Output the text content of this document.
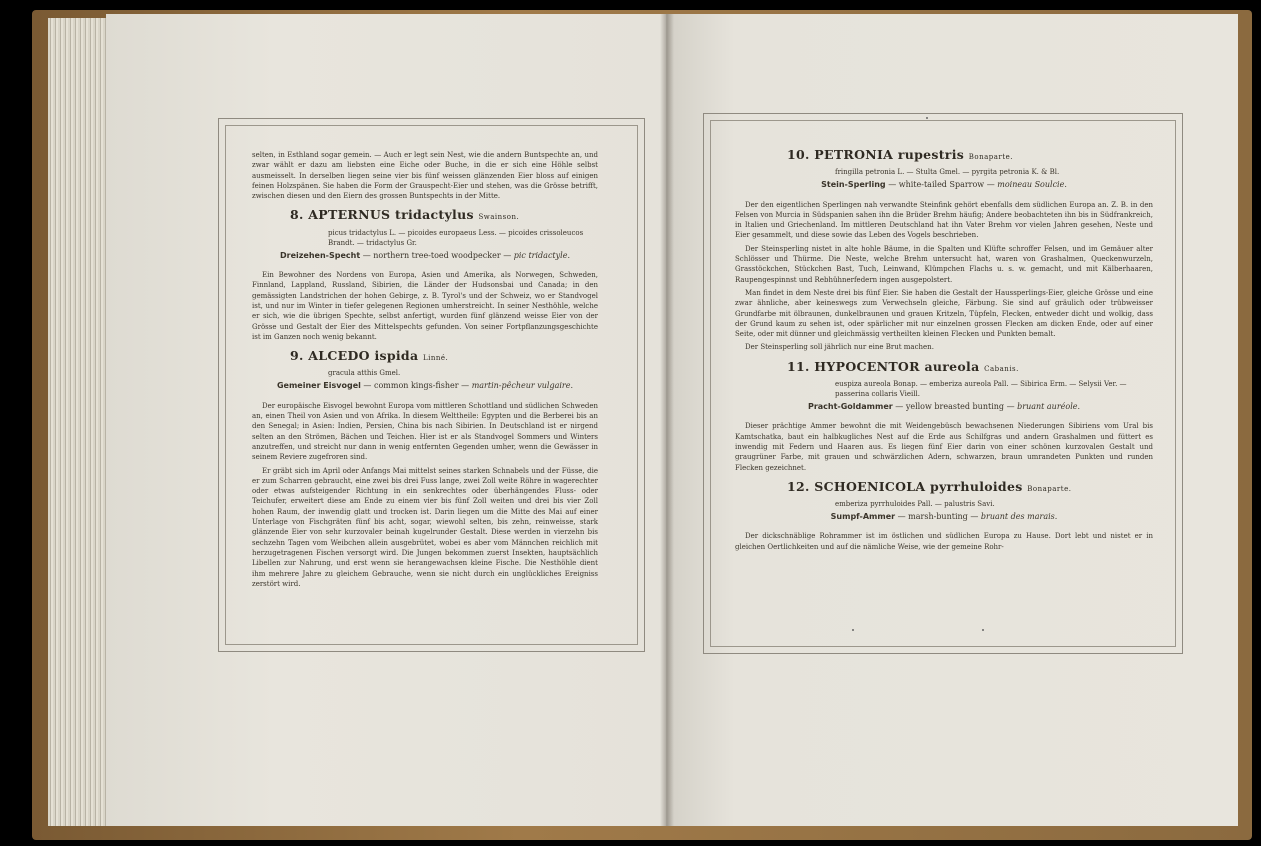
selten, in Esthland sogar gemein. — Auch er legt sein Nest, wie die andern Buntspechte an, und zwar wählt er dazu am liebsten eine Eiche oder Buche, in die er sich eine Höhle selbst ausmeisselt. In derselben liegen seine vier bis fünf weissen glänzenden Eier bloss auf einigen feinen Holzspänen. Sie haben die Form der Grauspecht-Eier und stehen, was die Grösse betrifft, zwischen diesen und den Eiern des grossen Buntspechts in der Mitte.

8. APTERNUS tridactylus Swainson.
picus tridactylus L. — picoides europaeus Less. — picoides crissoleucos Brandt. — tridactylus Gr.
Dreizehen-Specht — northern tree-toed woodpecker — pic tridactyle.

Ein Bewohner des Nordens von Europa, Asien und Amerika, als Norwegen, Schweden, Finnland, Lappland, Russland, Sibirien, die Länder der Hudsonsbai und Canada; in den gemässigten Landstrichen der hohen Gebirge, z. B. Tyrol's und der Schweiz, wo er Standvogel ist, und nur im Winter in tiefer gelegenen Regionen umherstreicht. In seiner Nesthöhle, welche er sich, wie die übrigen Spechte, selbst anfertigt, wurden fünf glänzend weisse Eier von der Grösse und Gestalt der Eier des Mittelspechts gefunden. Von seiner Fortpflanzungsgeschichte ist im Ganzen noch wenig bekannt.

9. ALCEDO ispida Linné.
gracula atthis Gmel.
Gemeiner Eisvogel — common kings-fisher — martin-pêcheur vulgaire.

Der europäische Eisvogel bewohnt Europa vom mittleren Schottland und südlichen Schweden an, einen Theil von Asien und von Afrika. In diesem Welttheile: Egypten und die Berberei bis an den Senegal; in Asien: Indien, Persien, China bis nach Sibirien. In Deutschland ist er nirgend selten an den Strömen, Bächen und Teichen. Hier ist er als Standvogel Sommers und Winters anzutreffen, und streicht nur dann in wenig entfernten Gegenden umher, wenn die Gewässer in seinem Reviere zugefroren sind.

Er gräbt sich im April oder Anfangs Mai mittelst seines starken Schnabels und der Füsse, die er zum Scharren gebraucht, eine zwei bis drei Fuss lange, zwei Zoll weite Röhre in wagerechter oder etwas aufsteigender Richtung in ein senkrechtes oder überhängendes Fluss- oder Teichufer, erweitert diese am Ende zu einem vier bis fünf Zoll weiten und drei bis vier Zoll hohen Raum, der inwendig glatt und trocken ist. Darin liegen um die Mitte des Mai auf einer Unterlage von Fischgräten fünf bis acht, sogar, wiewohl selten, bis zehn, reinweisse, stark glänzende Eier von sehr kurzovaler beinah kugelrunder Gestalt. Diese werden in vierzehn bis sechzehn Tagen vom Weibchen allein ausgebrütet, wobei es aber vom Männchen reichlich mit herzugetragenen Fischen versorgt wird. Die Jungen bekommen zuerst Insekten, hauptsächlich Libellen zur Nahrung, und erst wenn sie herangewachsen kleine Fische. Die Nesthöhle dient ihm mehrere Jahre zu gleichem Gebrauche, wenn sie nicht durch ein unglückliches Ereigniss zerstört wird.

10. PETRONIA rupestris Bonaparte.
fringilla petronia L. — Stulta Gmel. — pyrgita petronia K. & Bl.
Stein-Sperling — white-tailed Sparrow — moineau Soulcie.

Der den eigentlichen Sperlingen nah verwandte Steinfink gehört ebenfalls dem südlichen Europa an. Z. B. in den Felsen von Murcia in Südspanien sahen ihn die Brüder Brehm häufig; Andere beobachteten ihn bis in Südfrankreich, in Italien und Griechenland. Im mittleren Deutschland hat ihn Vater Brehm vor vielen Jahren gesehen, Neste und Eier gesammelt, und diese sowie das Leben des Vogels beschrieben.

Der Steinsperling nistet in alte hohle Bäume, in die Spalten und Klüfte schroffer Felsen, und im Gemäuer alter Schlösser und Thürme. Die Neste, welche Brehm untersucht hat, waren von Grashalmen, Queckenwurzeln, Grasstöckchen, Stückchen Bast, Tuch, Leinwand, Klümpchen Flachs u. s. w. gemacht, und mit Kälberhaaren, Raupengespinnst und Rebhühnerfedern ingen ausgepolstert.

Man findet in dem Neste drei bis fünf Eier. Sie haben die Gestalt der Haussperlings-Eier, gleiche Grösse und eine zwar ähnliche, aber keineswegs zum Verwechseln gleiche, Färbung. Sie sind auf gräulich oder trübweisser Grundfarbe mit ölbraunen, dunkelbraunen und grauen Kritzeln, Tüpfeln, Flecken, entweder dicht und wolkig, dass der Grund kaum zu sehen ist, oder spärlicher mit nur einzelnen grossen Flecken am dicken Ende, oder auf einer Seite, oder mit dünner und gleichmässig vertheilten kleinen Flecken und Punkten bemalt.

Der Steinsperling soll jährlich nur eine Brut machen.

11. HYPOCENTOR aureola Cabanis.
euspiza aureola Bonap. — emberiza aureola Pall. — Sibirica Erm. — Selysii Ver. — passerina collaris Vieill.
Pracht-Goldammer — yellow breasted bunting — bruant auréole.

Dieser prächtige Ammer bewohnt die mit Weidengebüsch bewachsenen Niederungen Sibiriens vom Ural bis Kamtschatka, baut ein halbkugliches Nest auf die Erde aus Schilfgras und andern Grashalmen und füttert es inwendig mit Federn und Haaren aus. Es liegen fünf Eier darin von einer schönen kurzovalen Gestalt und graugrüner Farbe, mit grauen und schwärzlichen Adern, schwarzen, braun umrandeten Punkten und runden Flecken gezeichnet.

12. SCHOENICOLA pyrrhuloides Bonaparte.
emberiza pyrrhuloides Pall. — palustris Savi.
Sumpf-Ammer — marsh-bunting — bruant des marais.

Der dickschnäblige Rohrammer ist im östlichen und südlichen Europa zu Hause. Dort lebt und nistet er in gleichen Oertlichkeiten und auf die nämliche Weise, wie der gemeine Rohr-
